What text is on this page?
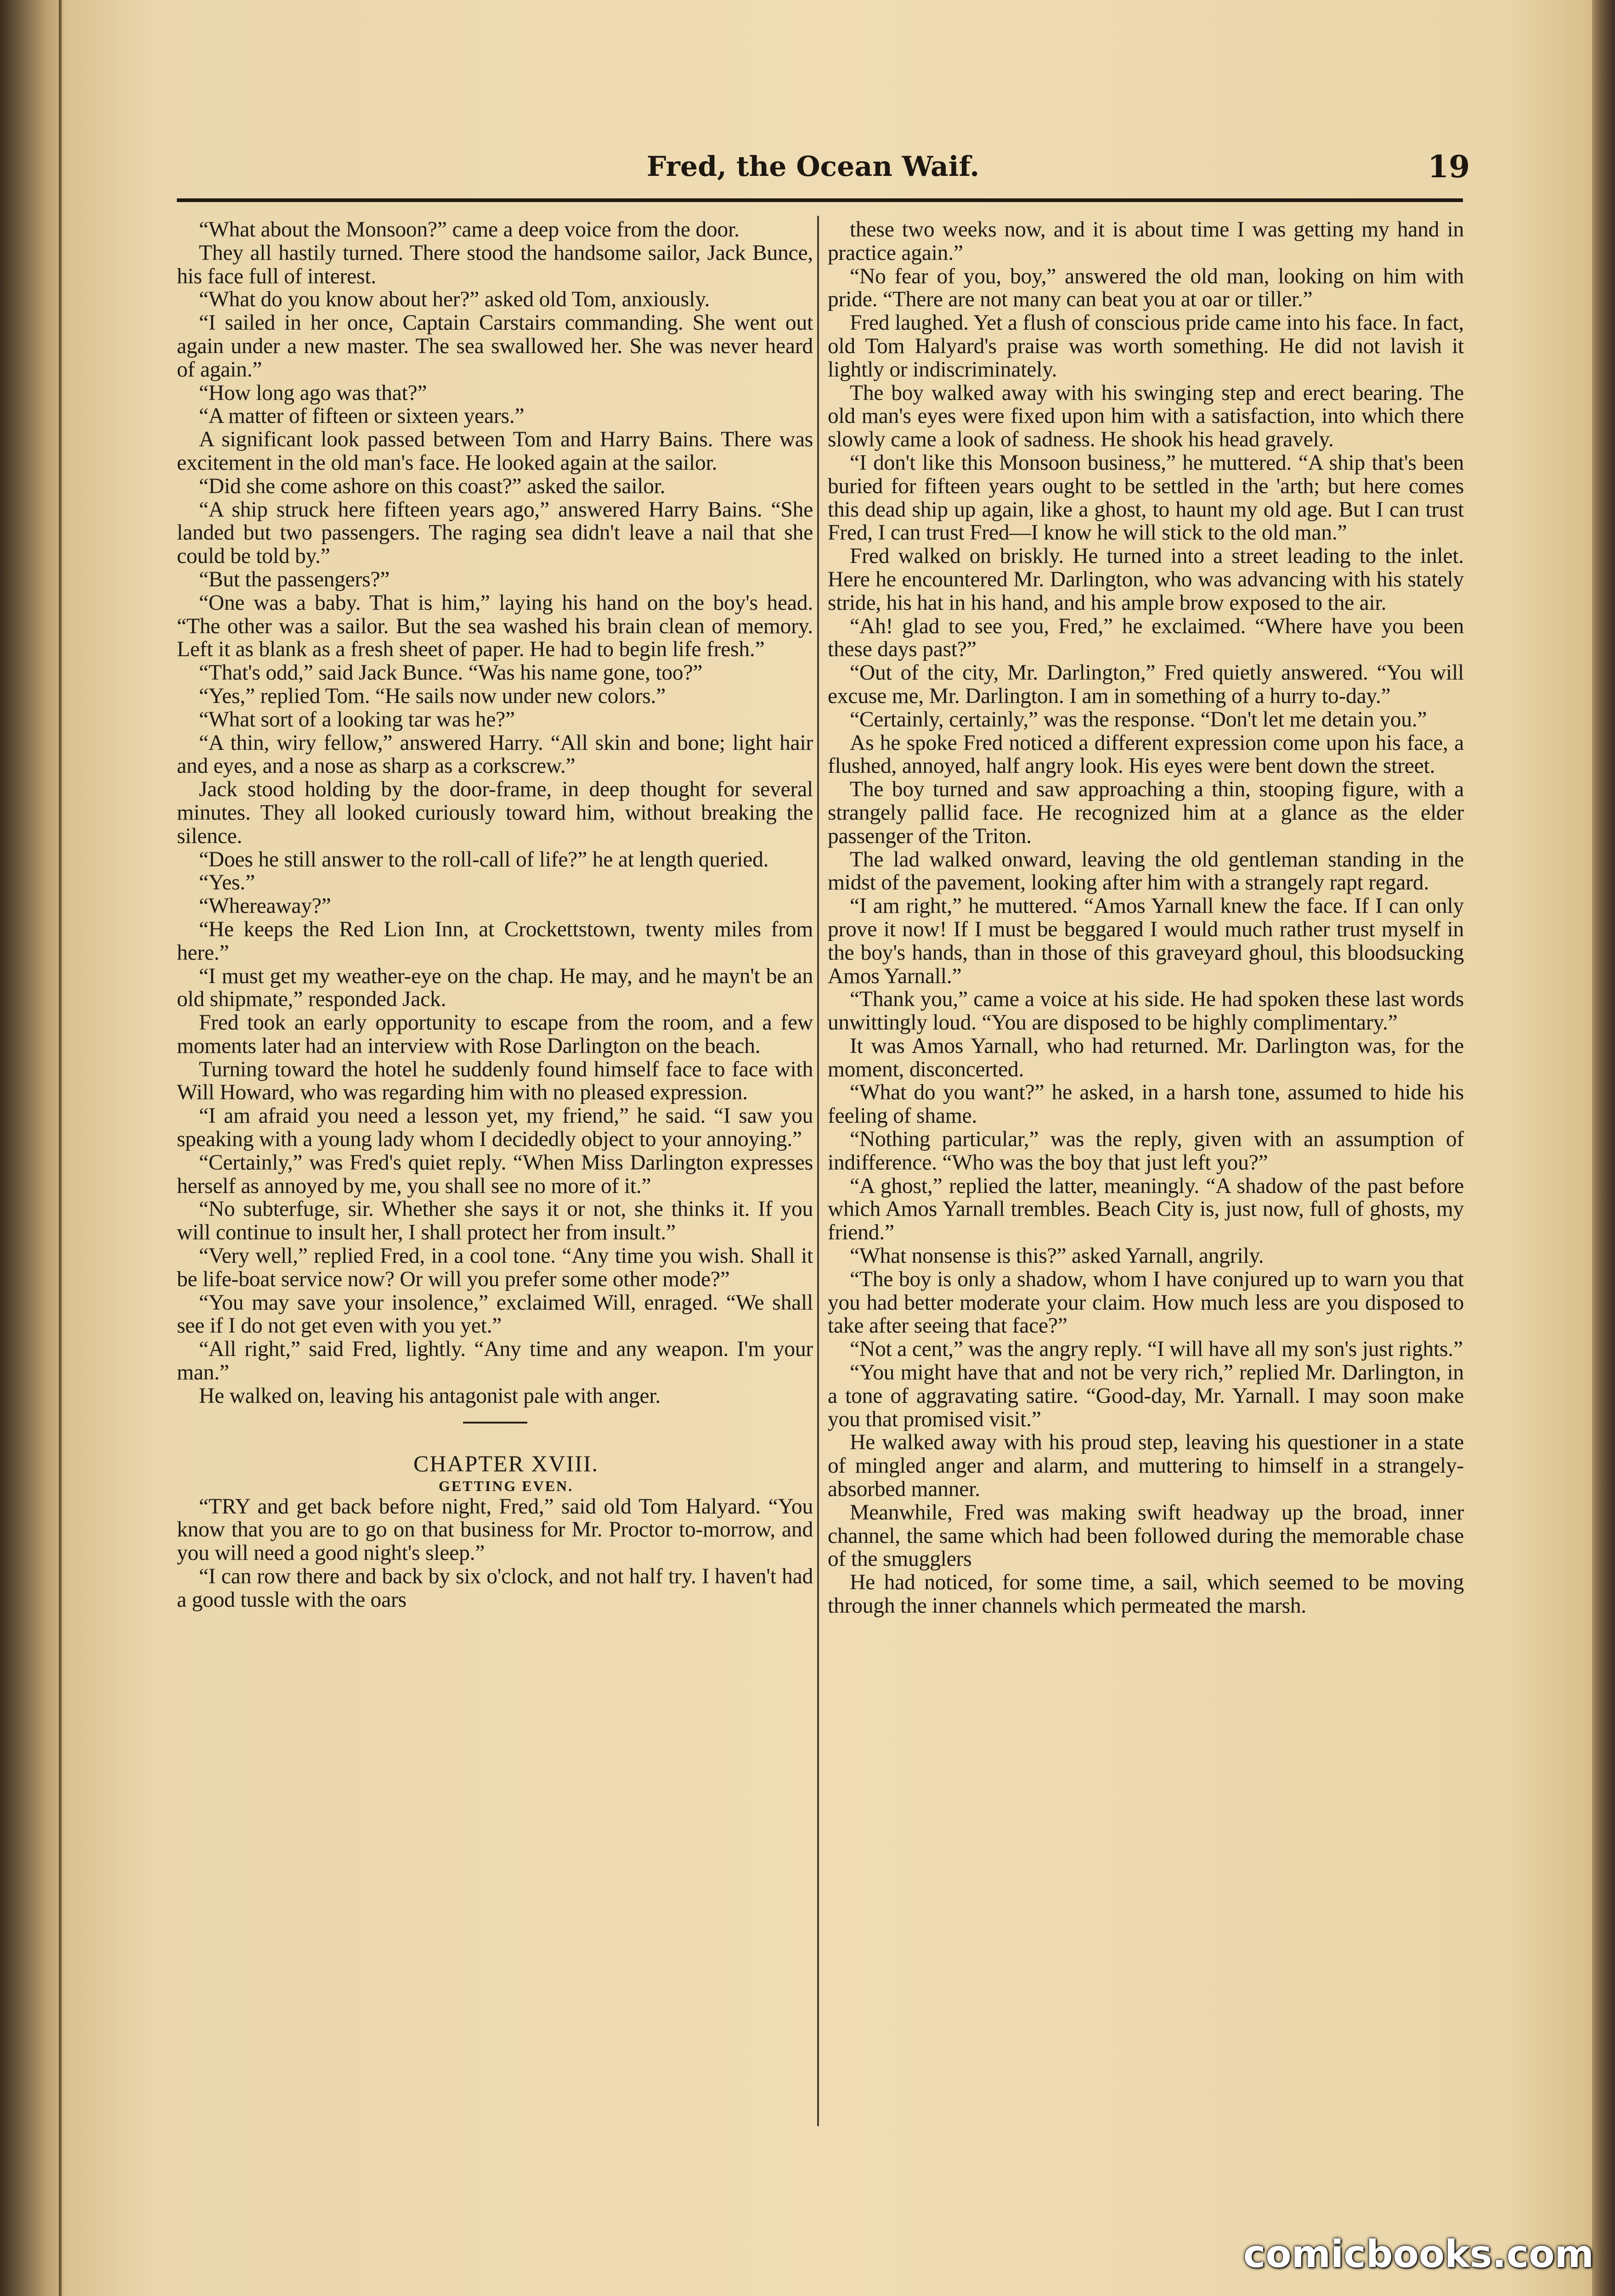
Fred, the Ocean Waif.	19

“What about the Monsoon?” came a deep voice from the door.

They all hastily turned. There stood the handsome sailor, Jack Bunce, his face full of interest.

“What do you know about her?” asked old Tom, anxiously.

“I sailed in her once, Captain Carstairs commanding. She went out again under a new master. The sea swallowed her. She was never heard of again.”

“How long ago was that?”

“A matter of fifteen or sixteen years.”

A significant look passed between Tom and Harry Bains. There was excitement in the old man's face. He looked again at the sailor.

“Did she come ashore on this coast?” asked the sailor.

“A ship struck here fifteen years ago,” answered Harry Bains. “She landed but two passengers. The raging sea didn't leave a nail that she could be told by.”

“But the passengers?”

“One was a baby. That is him,” laying his hand on the boy's head. “The other was a sailor. But the sea washed his brain clean of memory. Left it as blank as a fresh sheet of paper. He had to begin life fresh.”

“That's odd,” said Jack Bunce. “Was his name gone, too?”

“Yes,” replied Tom. “He sails now under new colors.”

“What sort of a looking tar was he?”

“A thin, wiry fellow,” answered Harry. “All skin and bone; light hair and eyes, and a nose as sharp as a corkscrew.”

Jack stood holding by the door-frame, in deep thought for several minutes. They all looked curiously toward him, without breaking the silence.

“Does he still answer to the roll-call of life?” he at length queried.

“Yes.”

“Whereaway?”

“He keeps the Red Lion Inn, at Crockettstown, twenty miles from here.”

“I must get my weather-eye on the chap. He may, and he mayn't be an old shipmate,” responded Jack.

Fred took an early opportunity to escape from the room, and a few moments later had an interview with Rose Darlington on the beach.

Turning toward the hotel he suddenly found himself face to face with Will Howard, who was regarding him with no pleased expression.

“I am afraid you need a lesson yet, my friend,” he said. “I saw you speaking with a young lady whom I decidedly object to your annoying.”

“Certainly,” was Fred's quiet reply. “When Miss Darlington expresses herself as annoyed by me, you shall see no more of it.”

“No subterfuge, sir. Whether she says it or not, she thinks it. If you will continue to insult her, I shall protect her from insult.”

“Very well,” replied Fred, in a cool tone. “Any time you wish. Shall it be life-boat service now? Or will you prefer some other mode?”

“You may save your insolence,” exclaimed Will, enraged. “We shall see if I do not get even with you yet.”

“All right,” said Fred, lightly. “Any time and any weapon. I'm your man.”

He walked on, leaving his antagonist pale with anger.

CHAPTER XVIII.

GETTING EVEN.

“TRY and get back before night, Fred,” said old Tom Halyard. “You know that you are to go on that business for Mr. Proctor to-morrow, and you will need a good night's sleep.”

“I can row there and back by six o'clock, and not half try. I haven't had a good tussle with the oars

these two weeks now, and it is about time I was getting my hand in practice again.”

“No fear of you, boy,” answered the old man, looking on him with pride. “There are not many can beat you at oar or tiller.”

Fred laughed. Yet a flush of conscious pride came into his face. In fact, old Tom Halyard's praise was worth something. He did not lavish it lightly or indiscriminately.

The boy walked away with his swinging step and erect bearing. The old man's eyes were fixed upon him with a satisfaction, into which there slowly came a look of sadness. He shook his head gravely.

“I don't like this Monsoon business,” he muttered. “A ship that's been buried for fifteen years ought to be settled in the 'arth; but here comes this dead ship up again, like a ghost, to haunt my old age. But I can trust Fred, I can trust Fred—I know he will stick to the old man.”

Fred walked on briskly. He turned into a street leading to the inlet. Here he encountered Mr. Darlington, who was advancing with his stately stride, his hat in his hand, and his ample brow exposed to the air.

“Ah! glad to see you, Fred,” he exclaimed. “Where have you been these days past?”

“Out of the city, Mr. Darlington,” Fred quietly answered. “You will excuse me, Mr. Darlington. I am in something of a hurry to-day.”

“Certainly, certainly,” was the response. “Don't let me detain you.”

As he spoke Fred noticed a different expression come upon his face, a flushed, annoyed, half angry look. His eyes were bent down the street.

The boy turned and saw approaching a thin, stooping figure, with a strangely pallid face. He recognized him at a glance as the elder passenger of the Triton.

The lad walked onward, leaving the old gentleman standing in the midst of the pavement, looking after him with a strangely rapt regard.

“I am right,” he muttered. “Amos Yarnall knew the face. If I can only prove it now! If I must be beggared I would much rather trust myself in the boy's hands, than in those of this graveyard ghoul, this bloodsucking Amos Yarnall.”

“Thank you,” came a voice at his side. He had spoken these last words unwittingly loud. “You are disposed to be highly complimentary.”

It was Amos Yarnall, who had returned. Mr. Darlington was, for the moment, disconcerted.

“What do you want?” he asked, in a harsh tone, assumed to hide his feeling of shame.

“Nothing particular,” was the reply, given with an assumption of indifference. “Who was the boy that just left you?”

“A ghost,” replied the latter, meaningly. “A shadow of the past before which Amos Yarnall trembles. Beach City is, just now, full of ghosts, my friend.”

“What nonsense is this?” asked Yarnall, angrily.

“The boy is only a shadow, whom I have conjured up to warn you that you had better moderate your claim. How much less are you disposed to take after seeing that face?”

“Not a cent,” was the angry reply. “I will have all my son's just rights.”

“You might have that and not be very rich,” replied Mr. Darlington, in a tone of aggravating satire. “Good-day, Mr. Yarnall. I may soon make you that promised visit.”

He walked away with his proud step, leaving his questioner in a state of mingled anger and alarm, and muttering to himself in a strangely-absorbed manner.

Meanwhile, Fred was making swift headway up the broad, inner channel, the same which had been followed during the memorable chase of the smugglers

He had noticed, for some time, a sail, which seemed to be moving through the inner channels which permeated the marsh.

comicbooks.com
